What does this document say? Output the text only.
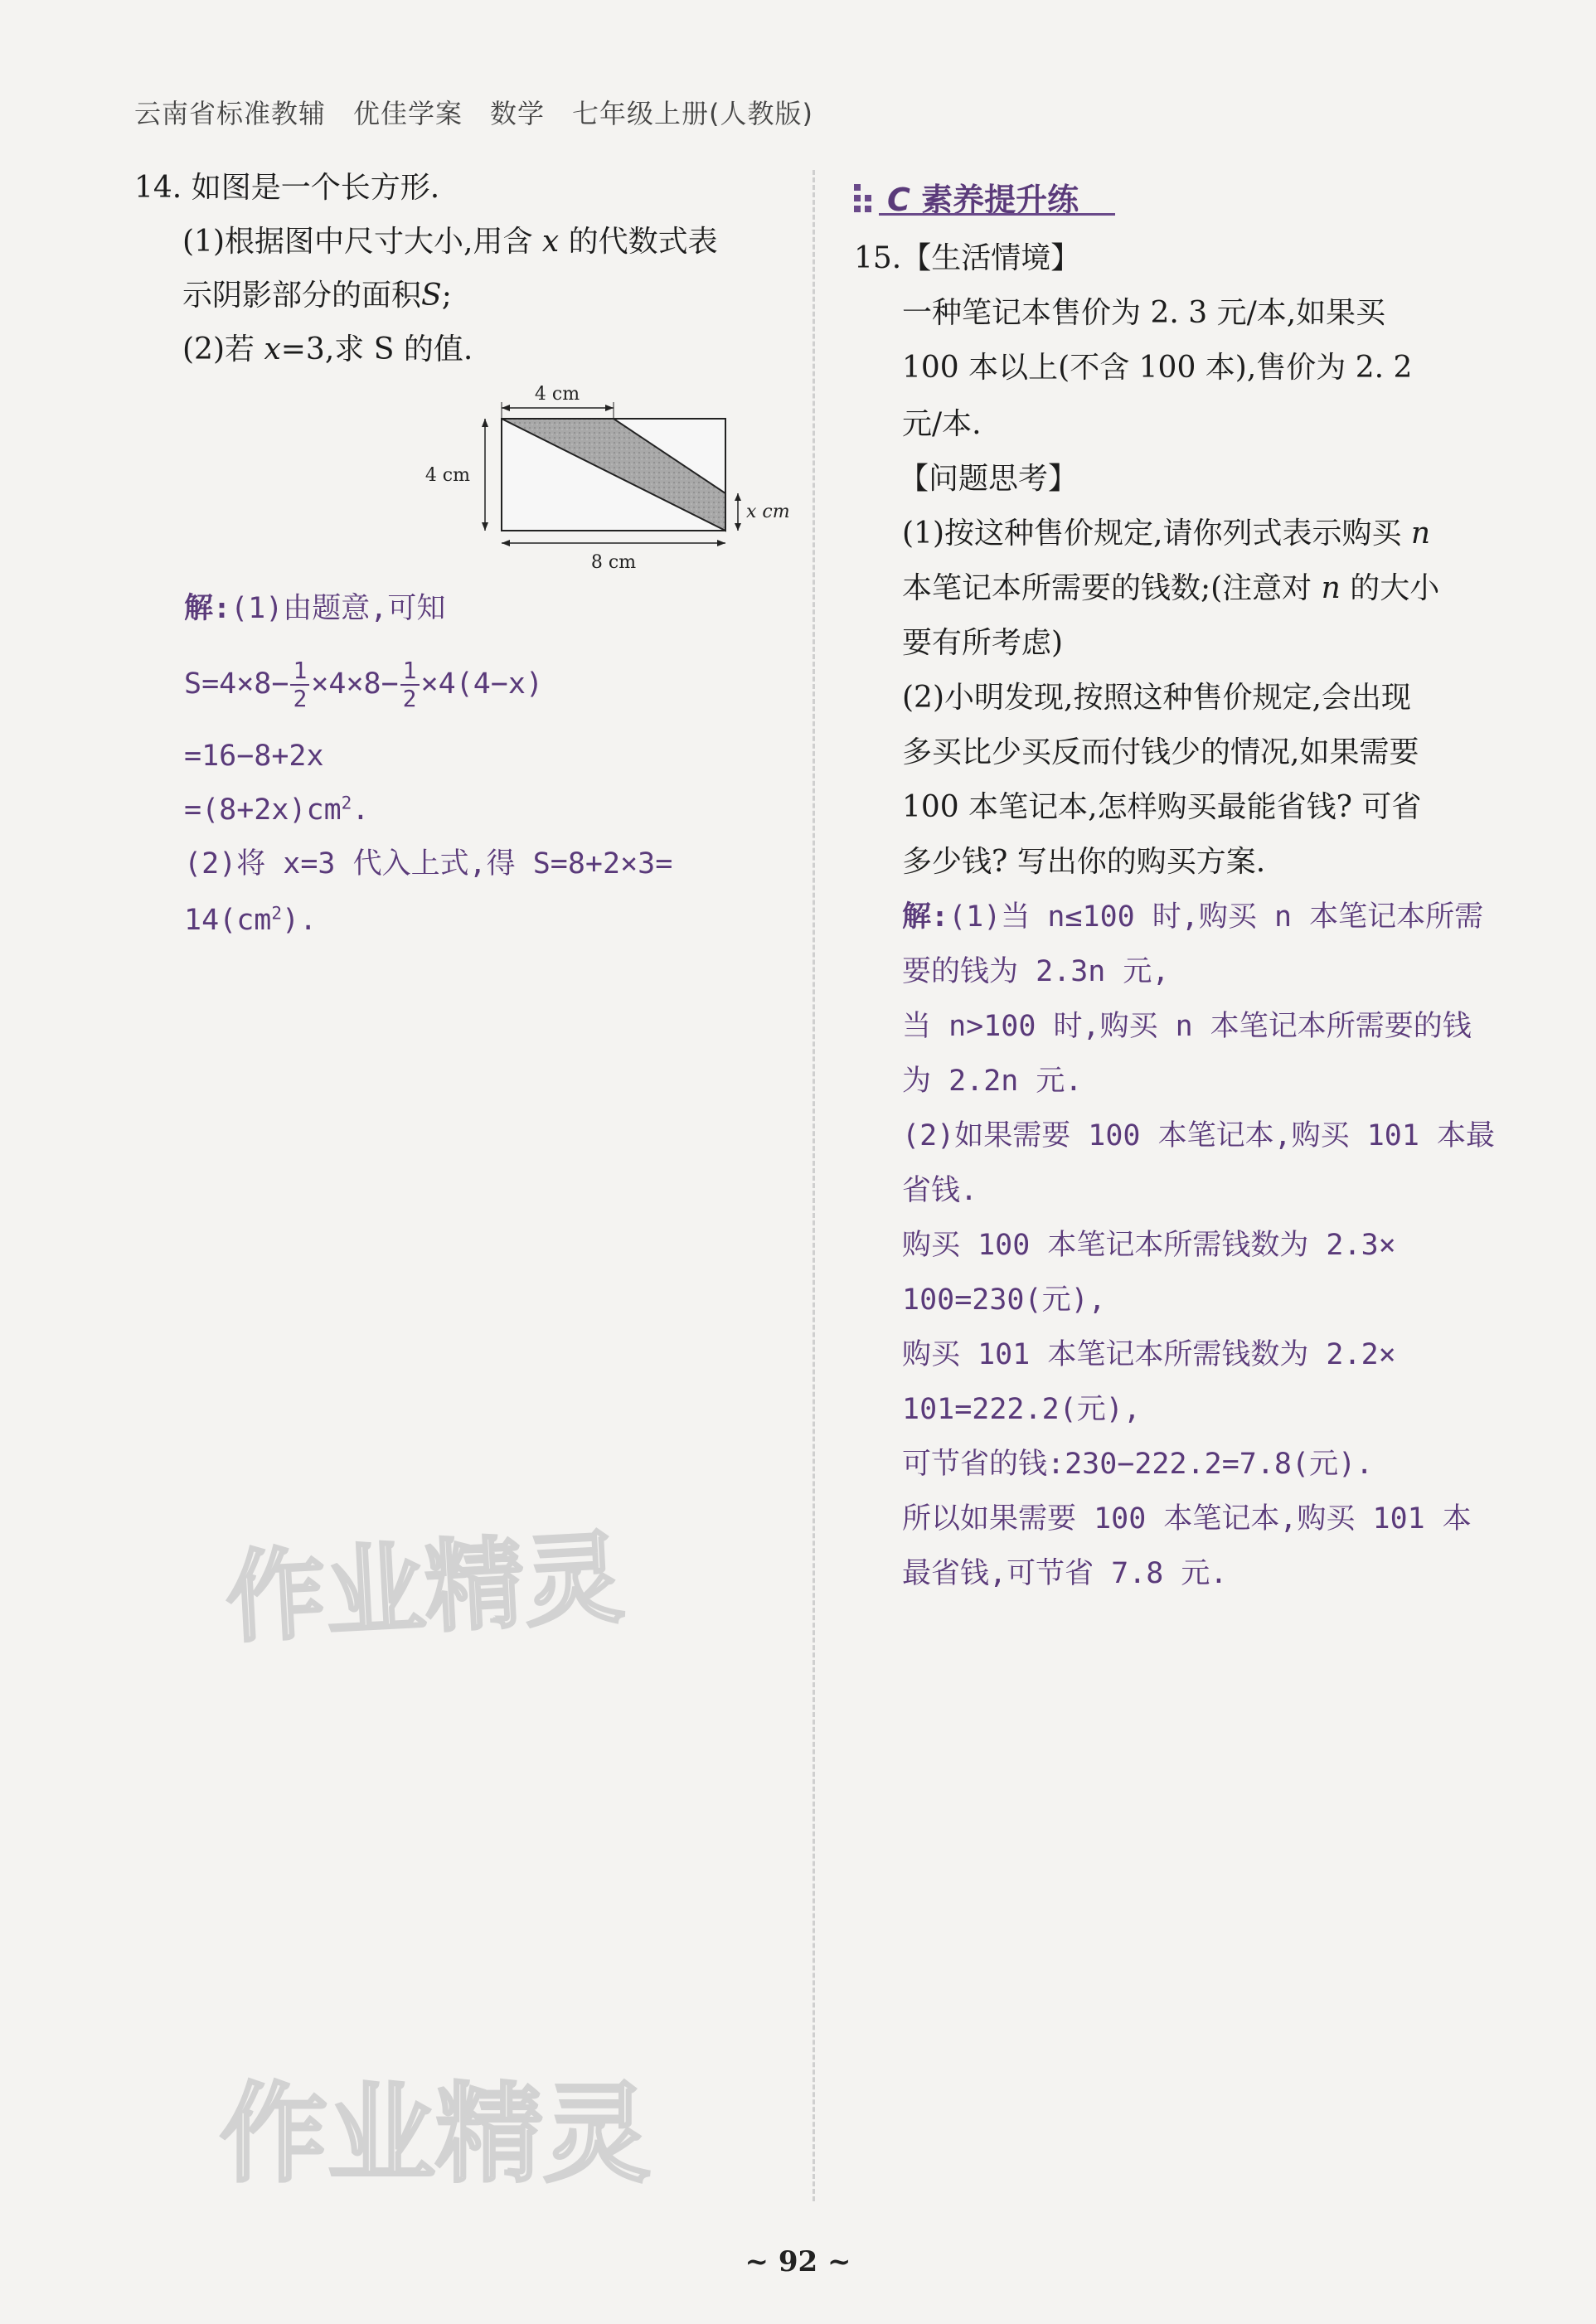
云南省标准教辅　优佳学案　数学　七年级上册(人教版)
14. 如图是一个长方形.
(1)根据图中尺寸大小,用含 x 的代数式表
示阴影部分的面积S;
(2)若 x=3,求 S 的值.
4 cm
4 cm
x cm
8 cm
解:(1)由题意,可知
$S=4\times 8- \frac{1}{2} \times 4\times 8- \frac{1}{2} \times 4(4-x)$
=16−8+2x
$=(8+2x)cm^2$.
(2)将 x=3 代入上式,得 S=8+2×3=
$14(cm^2)$.
C 素养提升练
15.【生活情境】
一种笔记本售价为 2. 3 元/本,如果买
100 本以上(不含 100 本),售价为 2. 2
元/本.
【问题思考】
(1)按这种售价规定,请你列式表示购买 n
本笔记本所需要的钱数;(注意对 n 的大小
要有所考虑)
(2)小明发现,按照这种售价规定,会出现
多买比少买反而付钱少的情况,如果需要
100 本笔记本,怎样购买最能省钱? 可省
多少钱? 写出你的购买方案.
解:(1)当 n≤100 时,购买 n 本笔记本所需
要的钱为 2.3n 元,
当 n>100 时,购买 n 本笔记本所需要的钱
为 2.2n 元.
(2)如果需要 100 本笔记本,购买 101 本最
省钱.
购买 100 本笔记本所需钱数为 2.3×
100=230(元),
购买 101 本笔记本所需钱数为 2.2×
101=222.2(元),
可节省的钱:230−222.2=7.8(元).
所以如果需要 100 本笔记本,购买 101 本
最省钱,可节省 7.8 元.
作业精灵
作业精灵
~ 92 ~
